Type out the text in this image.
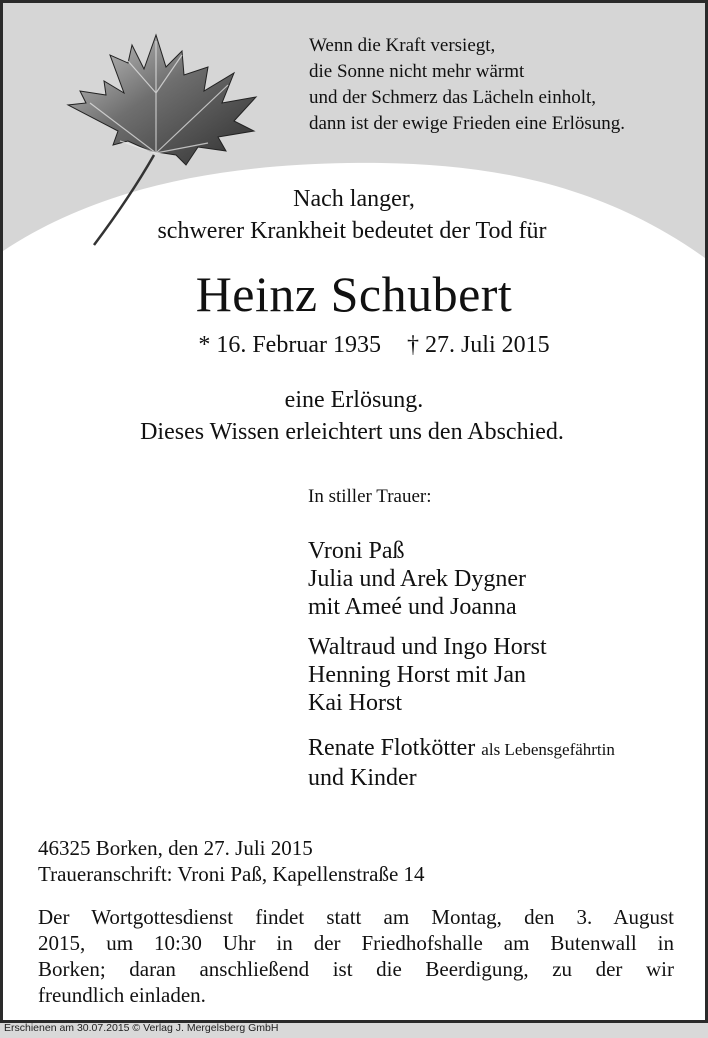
Wenn die Kraft versiegt,
die Sonne nicht mehr wärmt
und der Schmerz das Lächeln einholt,
dann ist der ewige Frieden eine Erlösung.
Nach langer,
schwerer Krankheit bedeutet der Tod für
Heinz Schubert
* 16. Februar 1935 † 27. Juli 2015
eine Erlösung.
Dieses Wissen erleichtert uns den Abschied.
In stiller Trauer:
Vroni Paß
Julia und Arek Dygner
mit Ameé und Joanna
Waltraud und Ingo Horst
Henning Horst mit Jan
Kai Horst
Renate Flotkötter als Lebensgefährtin
und Kinder
46325 Borken, den 27. Juli 2015
Traueranschrift: Vroni Paß, Kapellenstraße 14
Der Wortgottesdienst findet statt am Montag, den 3. August
2015, um 10:30 Uhr in der Friedhofshalle am Butenwall in
Borken; daran anschließend ist die Beerdigung, zu der wir
freundlich einladen.
Erschienen am 30.07.2015 © Verlag J. Mergelsberg GmbH
